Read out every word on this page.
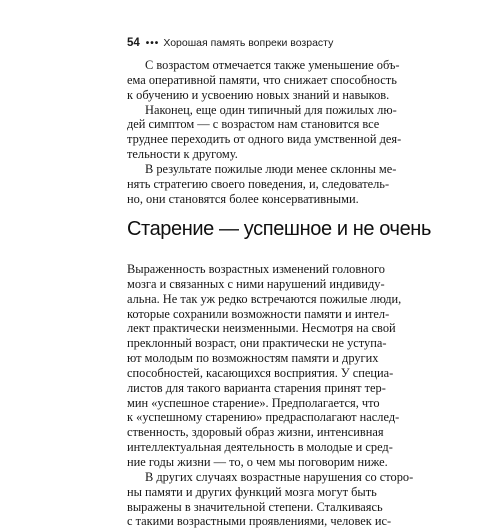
54 ••• Хорошая память вопреки возрасту
С возрастом отмечается также уменьшение объ-
ема оперативной памяти, что снижает способность
к обучению и усвоению новых знаний и навыков.
Наконец, еще один типичный для пожилых лю-
дей симптом — с возрастом нам становится все
труднее переходить от одного вида умственной дея-
тельности к другому.
В результате пожилые люди менее склонны ме-
нять стратегию своего поведения, и, следователь-
но, они становятся более консервативными.
Старение — успешное и не очень
Выраженность возрастных изменений головного
мозга и связанных с ними нарушений индивиду-
альна. Не так уж редко встречаются пожилые люди,
которые сохранили возможности памяти и интел-
лект практически неизменными. Несмотря на свой
преклонный возраст, они практически не уступа-
ют молодым по возможностям памяти и других
способностей, касающихся восприятия. У специа-
листов для такого варианта старения принят тер-
мин «успешное старение». Предполагается, что
к «успешному старению» предрасполагают наслед-
ственность, здоровый образ жизни, интенсивная
интеллектуальная деятельность в молодые и сред-
ние годы жизни — то, о чем мы поговорим ниже.
В других случаях возрастные нарушения со сторо-
ны памяти и других функций мозга могут быть
выражены в значительной степени. Сталкиваясь
с такими возрастными проявлениями, человек ис-
